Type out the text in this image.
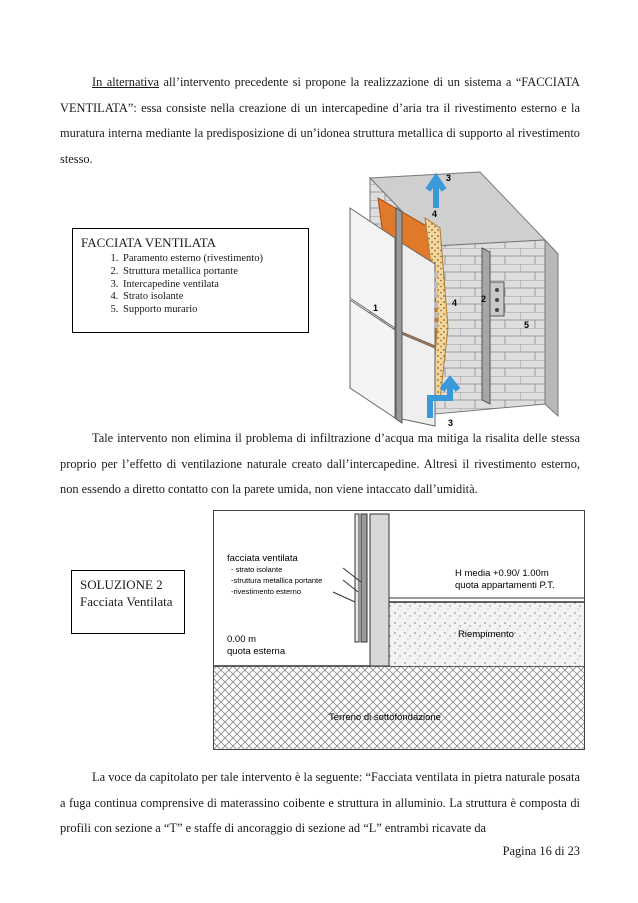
In alternativa all’intervento precedente si propone la realizzazione di un sistema a “FACCIATA VENTILATA”: essa consiste nella creazione di un intercapedine d’aria tra il rivestimento esterno e la muratura interna mediante la predisposizione di un’idonea struttura metallica di supporto al rivestimento stesso.

3
1
2
4
4
5
3
FACCIATA VENTILATA
1. Paramento esterno (rivestimento)
2. Struttura metallica portante
3. Intercapedine ventilata
4. Strato isolante
5. Supporto murario

Tale intervento non elimina il problema di infiltrazione d’acqua ma mitiga la risalita delle stessa proprio per l’effetto di ventilazione naturale creato dall’intercapedine. Altresì il rivestimento esterno, non essendo a diretto contatto con la parete umida, non viene intaccato dall’umidità.

facciata ventilata
- strato isolante
-struttura metallica portante
-rivestimento esterno
H media +0.90/ 1.00m
quota appartamenti P.T.
0.00 m
quota esterna
Riempimento
Terreno di sottofondazione
SOLUZIONE 2
Facciata Ventilata

La voce da capitolato per tale intervento è la seguente: “Facciata ventilata in pietra naturale posata a fuga continua comprensive di materassino coibente e struttura in alluminio. La struttura è composta di profili con sezione a “T” e staffe di ancoraggio di sezione ad “L” entrambi ricavate da

Pagina 16 di 23
